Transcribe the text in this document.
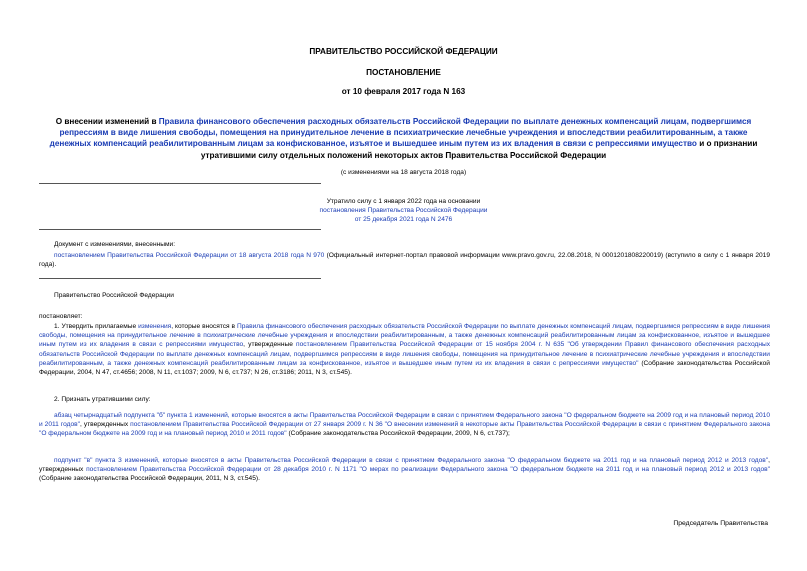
ПРАВИТЕЛЬСТВО РОССИЙСКОЙ ФЕДЕРАЦИИ
ПОСТАНОВЛЕНИЕ
от 10 февраля 2017 года N 163
О внесении изменений в Правила финансового обеспечения расходных обязательств Российской Федерации по выплате денежных компенсаций лицам, подвергшимся репрессиям в виде лишения свободы, помещения на принудительное лечение в психиатрические лечебные учреждения и впоследствии реабилитированным, а также денежных компенсаций реабилитированным лицам за конфискованное, изъятое и вышедшее иным путем из их владения в связи с репрессиями имущество и о признании утратившими силу отдельных положений некоторых актов Правительства Российской Федерации
(с изменениями на 18 августа 2018 года)
Утратило силу с 1 января 2022 года на основании
постановления Правительства Российской Федерации
от 25 декабря 2021 года N 2476
Документ с изменениями, внесенными:
постановлением Правительства Российской Федерации от 18 августа 2018 года N 970 (Официальный интернет-портал правовой информации www.pravo.gov.ru, 22.08.2018, N 0001201808220019) (вступило в силу с 1 января 2019 года).
Правительство Российской Федерации
постановляет:
1. Утвердить прилагаемые изменения, которые вносятся в Правила финансового обеспечения расходных обязательств Российской Федерации по выплате денежных компенсаций лицам, подвергшимся репрессиям в виде лишения свободы, помещения на принудительное лечение в психиатрические лечебные учреждения и впоследствии реабилитированным, а также денежных компенсаций реабилитированным лицам за конфискованное, изъятое и вышедшее иным путем из их владения в связи с репрессиями имущество, утвержденные постановлением Правительства Российской Федерации от 15 ноября 2004 г. N 635 "Об утверждении Правил финансового обеспечения расходных обязательств Российской Федерации по выплате денежных компенсаций лицам, подвергшимся репрессиям в виде лишения свободы, помещения на принудительное лечение в психиатрические лечебные учреждения и впоследствии реабилитированным, а также денежных компенсаций реабилитированным лицам за конфискованное, изъятое и вышедшее иным путем из их владения в связи с репрессиями имущество" (Собрание законодательства Российской Федерации, 2004, N 47, ст.4656; 2008, N 11, ст.1037; 2009, N 6, ст.737; N 26, ст.3186; 2011, N 3, ст.545).
2. Признать утратившими силу:
абзац четырнадцатый подпункта "б" пункта 1 изменений, которые вносятся в акты Правительства Российской Федерации в связи с принятием Федерального закона "О федеральном бюджете на 2009 год и на плановый период 2010 и 2011 годов", утвержденных постановлением Правительства Российской Федерации от 27 января 2009 г. N 36 "О внесении изменений в некоторые акты Правительства Российской Федерации в связи с принятием Федерального закона "О федеральном бюджете на 2009 год и на плановый период 2010 и 2011 годов" (Собрание законодательства Российской Федерации, 2009, N 6, ст.737);
подпункт "в" пункта 3 изменений, которые вносятся в акты Правительства Российской Федерации в связи с принятием Федерального закона "О федеральном бюджете на 2011 год и на плановый период 2012 и 2013 годов", утвержденных постановлением Правительства Российской Федерации от 28 декабря 2010 г. N 1171 "О мерах по реализации Федерального закона "О федеральном бюджете на 2011 год и на плановый период 2012 и 2013 годов" (Собрание законодательства Российской Федерации, 2011, N 3, ст.545).
Председатель Правительства
